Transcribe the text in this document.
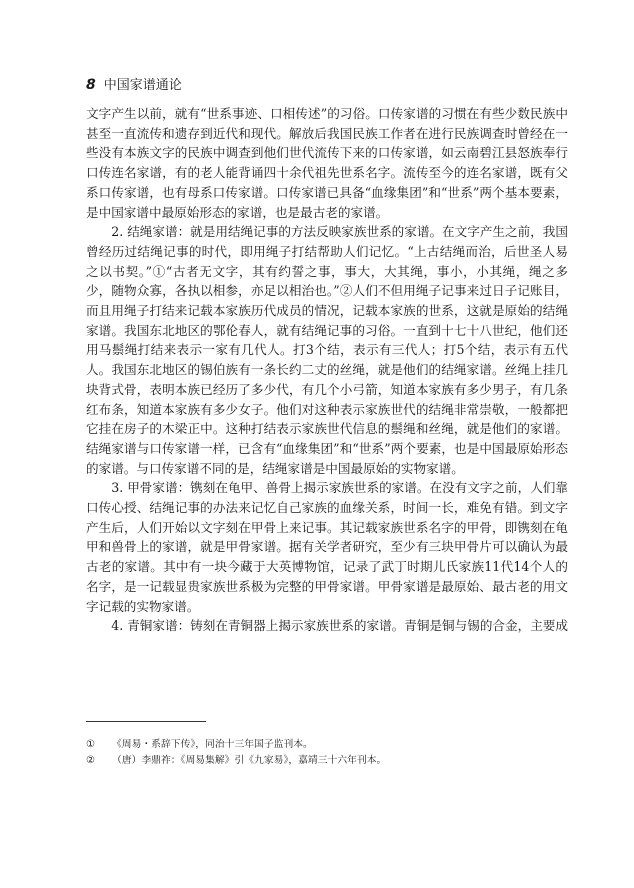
8 中国家谱通论

文字产生以前，就有“世系事迹、口相传述”的习俗。口传家谱的习惯在有些少数民族中甚至一直流传和遗存到近代和现代。解放后我国民族工作者在进行民族调查时曾经在一些没有本族文字的民族中调查到他们世代流传下来的口传家谱，如云南碧江县怒族奉行口传连名家谱，有的老人能背诵四十余代祖先世系名字。流传至今的连名家谱，既有父系口传家谱，也有母系口传家谱。口传家谱已具备“血缘集团”和“世系”两个基本要素，是中国家谱中最原始形态的家谱，也是最古老的家谱。

2. 结绳家谱：就是用结绳记事的方法反映家族世系的家谱。在文字产生之前，我国曾经历过结绳记事的时代，即用绳子打结帮助人们记忆。“上古结绳而治，后世圣人易之以书契。”①“古者无文字，其有约誓之事，事大，大其绳，事小，小其绳，绳之多少，随物众寡，各执以相参，亦足以相治也。”②人们不但用绳子记事来过日子记账目，而且用绳子打结来记载本家族历代成员的情况，记载本家族的世系，这就是原始的结绳家谱。我国东北地区的鄂伦春人，就有结绳记事的习俗。一直到十七十八世纪，他们还用马鬃绳打结来表示一家有几代人。打3个结，表示有三代人；打5个结，表示有五代人。我国东北地区的锡伯族有一条长约二丈的丝绳，就是他们的结绳家谱。丝绳上挂几块背式骨，表明本族已经历了多少代，有几个小弓箭，知道本家族有多少男子，有几条红布条，知道本家族有多少女子。他们对这种表示家族世代的结绳非常崇敬，一般都把它挂在房子的木梁正中。这种打结表示家族世代信息的鬃绳和丝绳，就是他们的家谱。结绳家谱与口传家谱一样，已含有“血缘集团”和“世系”两个要素，也是中国最原始形态的家谱。与口传家谱不同的是，结绳家谱是中国最原始的实物家谱。

3. 甲骨家谱：镌刻在龟甲、兽骨上揭示家族世系的家谱。在没有文字之前，人们靠口传心授、结绳记事的办法来记忆自己家族的血缘关系，时间一长，难免有错。到文字产生后，人们开始以文字刻在甲骨上来记事。其记载家族世系名字的甲骨，即镌刻在龟甲和兽骨上的家谱，就是甲骨家谱。据有关学者研究，至少有三块甲骨片可以确认为最古老的家谱。其中有一块今藏于大英博物馆，记录了武丁时期儿氏家族11代14个人的名字，是一记载显贵家族世系极为完整的甲骨家谱。甲骨家谱是最原始、最古老的用文字记载的实物家谱。

4. 青铜家谱：铸刻在青铜器上揭示家族世系的家谱。青铜是铜与锡的合金，主要成

①	《周易・系辞下传》，同治十三年国子监刊本。
②	（唐）李鼎祚：《周易集解》引《九家易》，嘉靖三十六年刊本。
